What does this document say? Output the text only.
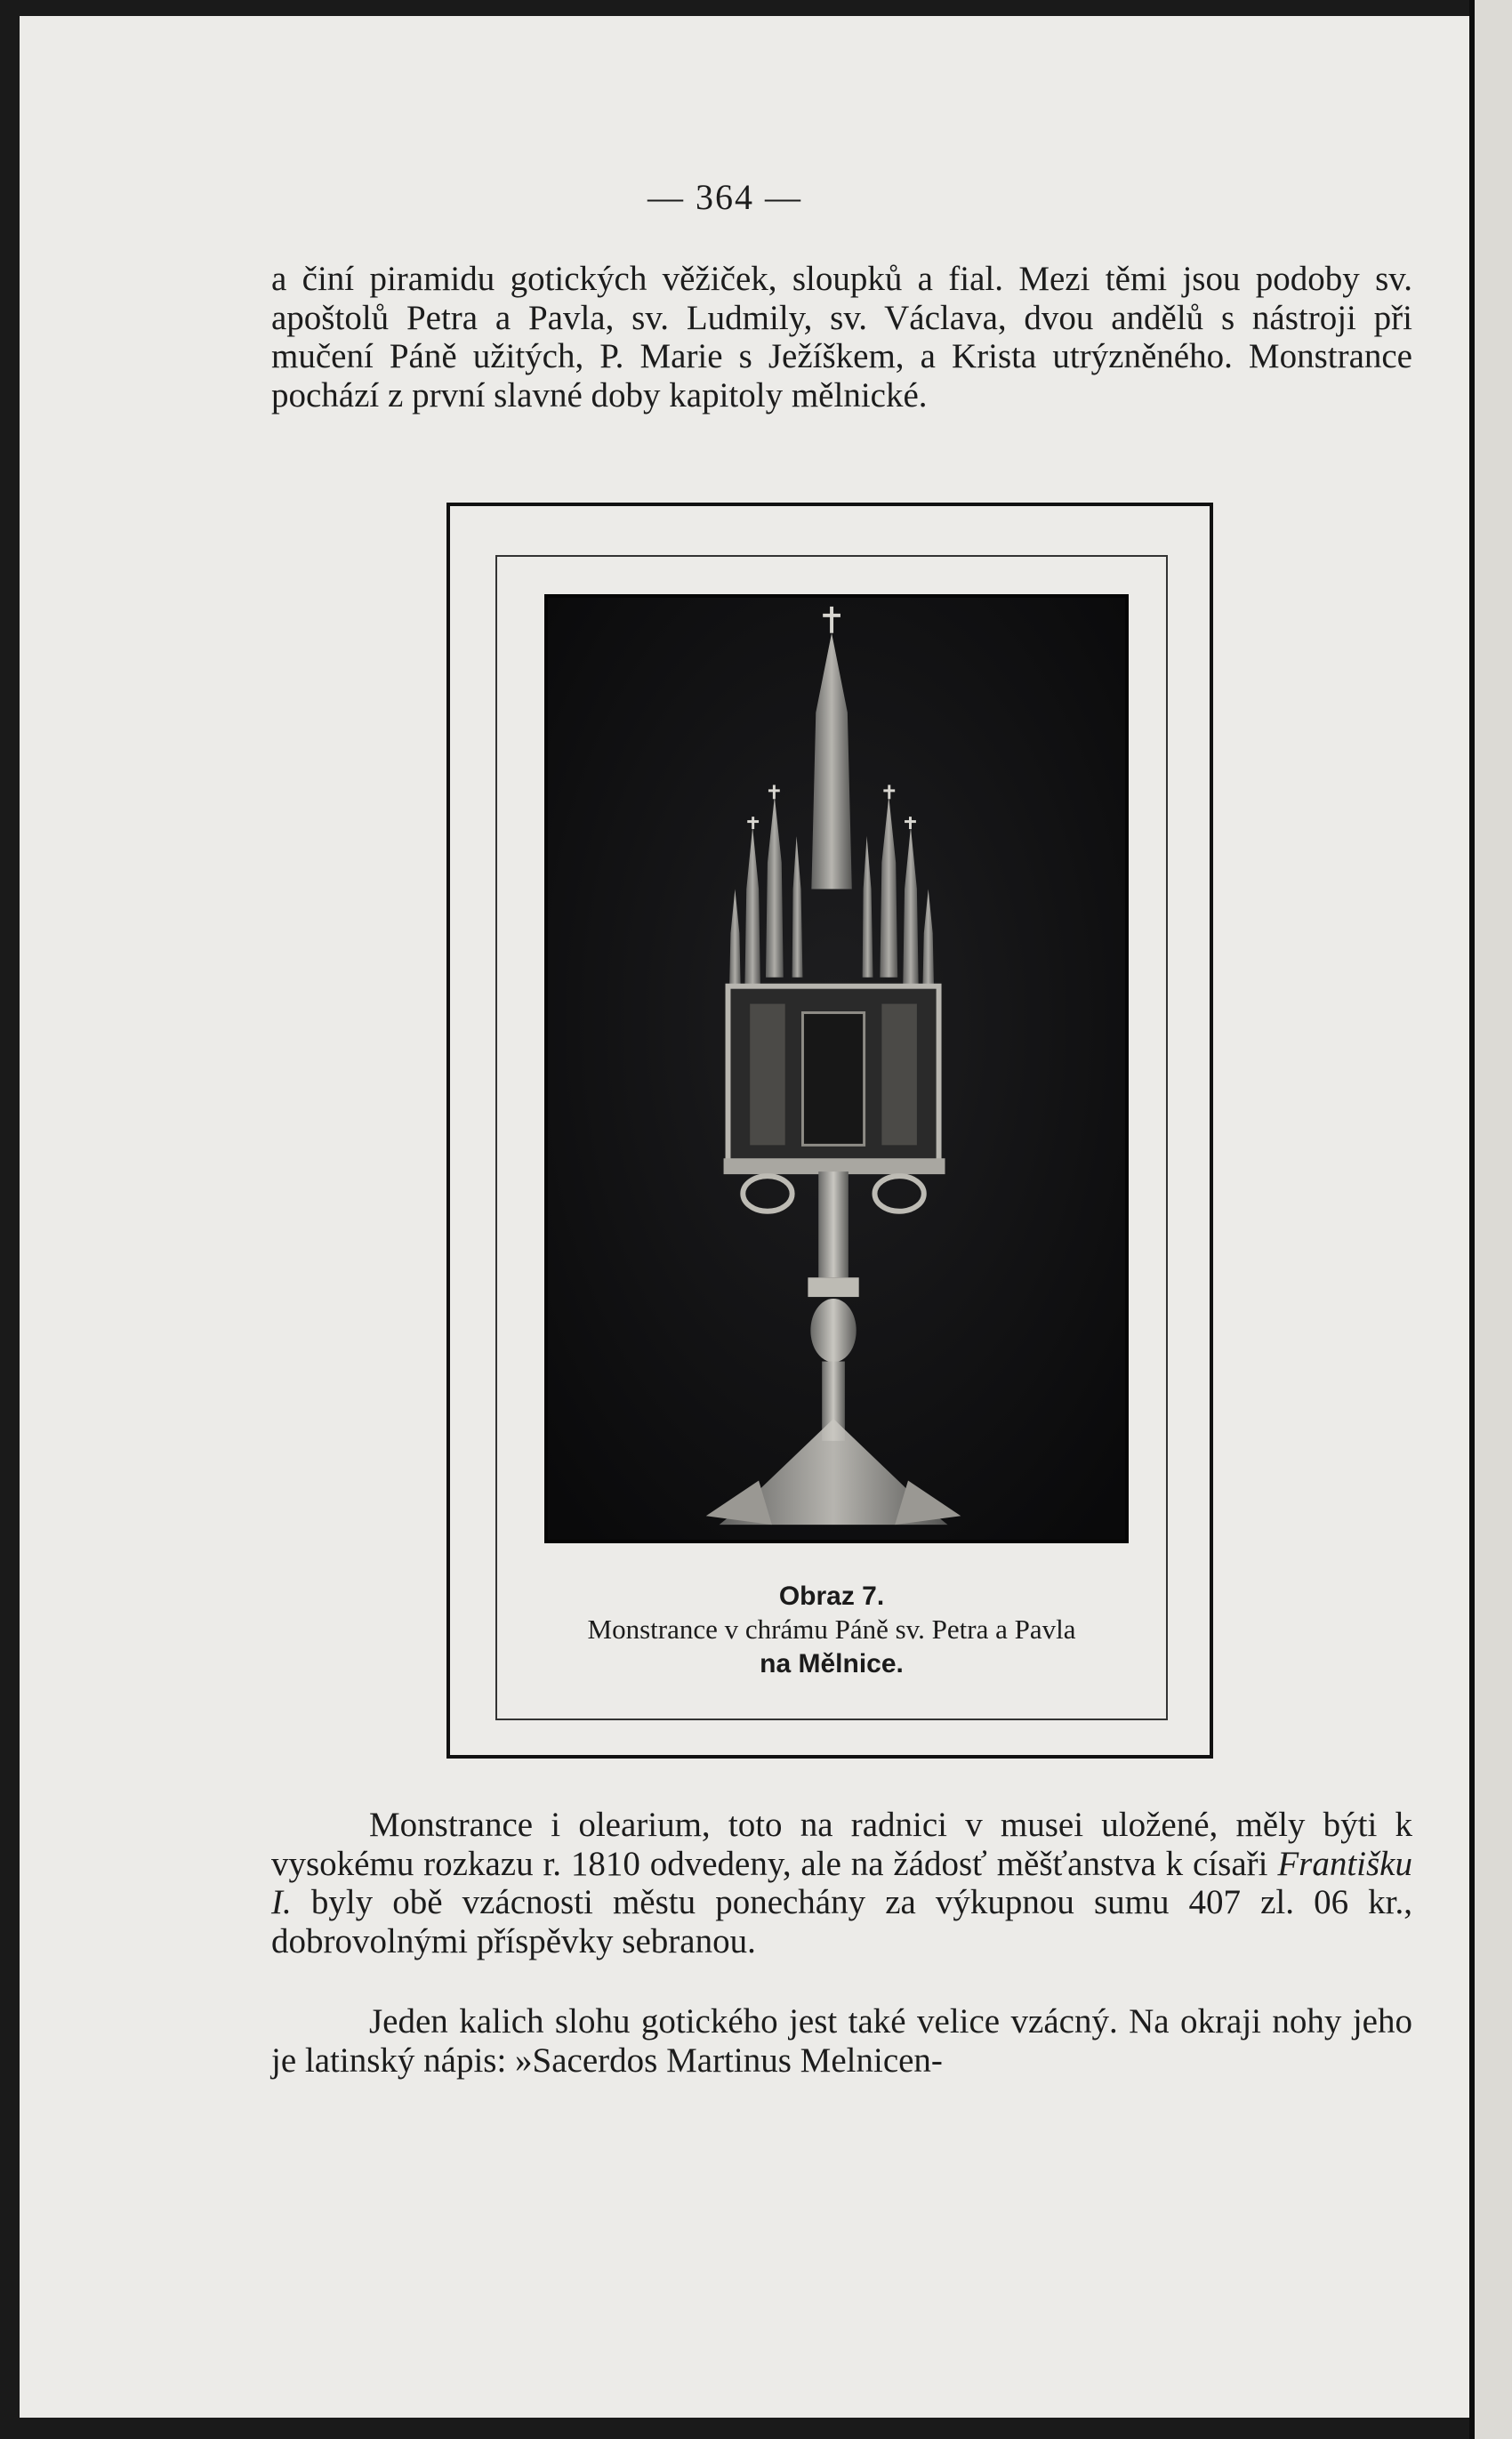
— 364 —

a činí piramidu gotických věžiček, sloupků a fial. Mezi těmi jsou podoby sv. apoštolů Petra a Pavla, sv. Ludmily, sv. Václava, dvou andělů s nástroji při mučení Páně užitých, P. Marie s Ježíškem, a Krista utrýzněného. Monstrance pochází z první slavné doby kapitoly mělnické.

Obraz 7.
Monstrance v chrámu Páně sv. Petra a Pavla
na Mělnice.

Monstrance i olearium, toto na radnici v musei uložené, měly býti k vysokému rozkazu r. 1810 odvedeny, ale na žádosť měšťanstva k císaři Františku I. byly obě vzácnosti městu ponechány za výkupnou sumu 407 zl. 06 kr., dobrovolnými příspěvky sebranou.

Jeden kalich slohu gotického jest také velice vzácný. Na okraji nohy jeho je latinský nápis: »Sacerdos Martinus Melnicen-
